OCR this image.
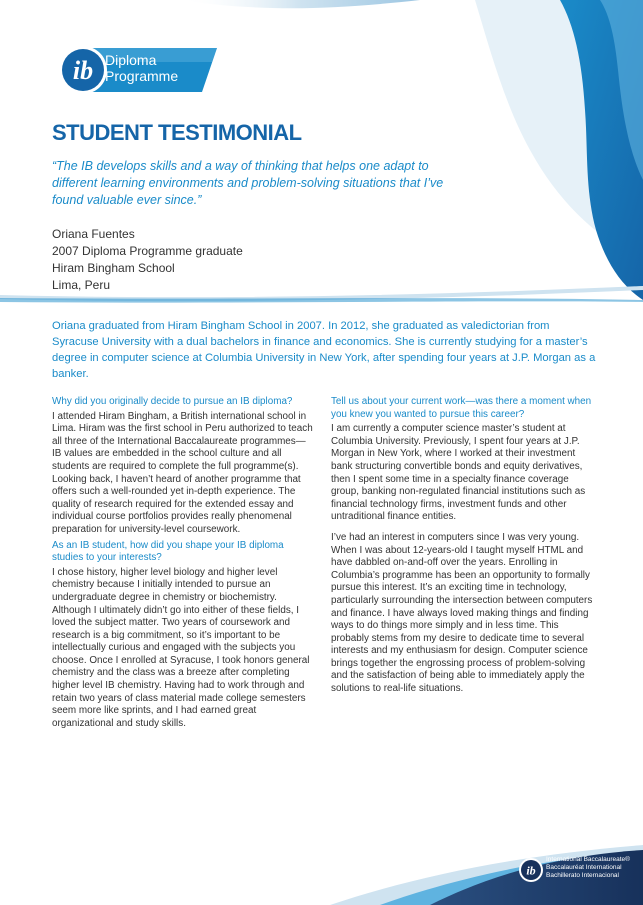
ib Diploma
Programme
STUDENT TESTIMONIAL
“The IB develops skills and a way of thinking that helps one adapt to different learning environments and problem-solving situations that I’ve found valuable ever since.”
Oriana Fuentes
2007 Diploma Programme graduate
Hiram Bingham School
Lima, Peru
Oriana graduated from Hiram Bingham School in 2007. In 2012, she graduated as valedictorian from Syracuse University with a dual bachelors in finance and economics. She is currently studying for a master’s degree in computer science at Columbia University in New York, after spending four years at J.P. Morgan as a banker.
Why did you originally decide to pursue an IB diploma?
I attended Hiram Bingham, a British international school in Lima. Hiram was the first school in Peru authorized to teach all three of the International Baccalaureate programmes— IB values are embedded in the school culture and all students are required to complete the full programme(s). Looking back, I haven’t heard of another programme that offers such a well-rounded yet in-depth experience. The quality of research required for the extended essay and individual course portfolios provides really phenomenal preparation for university-level coursework.
As an IB student, how did you shape your IB diploma studies to your interests?
I chose history, higher level biology and higher level chemistry because I initially intended to pursue an undergraduate degree in chemistry or biochemistry. Although I ultimately didn’t go into either of these fields, I loved the subject matter. Two years of coursework and research is a big commitment, so it’s important to be intellectually curious and engaged with the subjects you choose. Once I enrolled at Syracuse, I took honors general chemistry and the class was a breeze after completing higher level IB chemistry. Having had to work through and retain two years of class material made college semesters seem more like sprints, and I had earned great organizational and study skills.
Tell us about your current work—was there a moment when you knew you wanted to pursue this career?
I am currently a computer science master’s student at Columbia University. Previously, I spent four years at J.P. Morgan in New York, where I worked at their investment bank structuring convertible bonds and equity derivatives, then I spent some time in a specialty finance coverage group, banking non-regulated financial institutions such as financial technology firms, investment funds and other untraditional finance entities.
I’ve had an interest in computers since I was very young. When I was about 12-years-old I taught myself HTML and have dabbled on-and-off over the years. Enrolling in Columbia’s programme has been an opportunity to formally pursue this interest. It’s an exciting time in technology, particularly surrounding the intersection between computers and finance. I have always loved making things and finding ways to do things more simply and in less time. This probably stems from my desire to dedicate time to several interests and my enthusiasm for design. Computer science brings together the engrossing process of problem-solving and the satisfaction of being able to immediately apply the solutions to real-life situations.
ib
International Baccalaureate®
Baccalauréat International
Bachillerato Internacional
